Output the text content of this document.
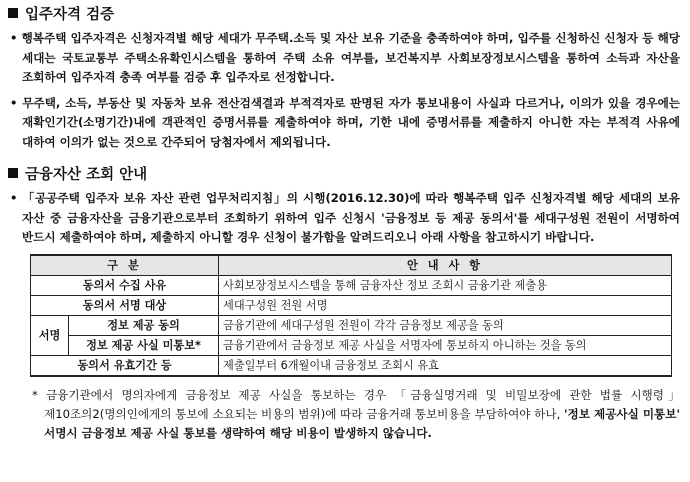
입주자격 검증
• 행복주택 입주자격은 신청자격별 해당 세대가 무주택.소득 및 자산 보유 기준을 충족하여야 하며, 입주를 신청하신 신청자 등 해당 세대는 국토교통부 주택소유확인시스템을 통하여 주택 소유 여부를, 보건복지부 사회보장정보시스템을 통하여 소득과 자산을 조회하여 입주자격 충족 여부를 검증 후 입주자로 선정합니다.
• 무주택, 소득, 부동산 및 자동차 보유 전산검색결과 부적격자로 판명된 자가 통보내용이 사실과 다르거나, 이의가 있을 경우에는 재확인기간(소명기간)내에 객관적인 증명서류를 제출하여야 하며, 기한 내에 증명서류를 제출하지 아니한 자는 부적격 사유에 대하여 이의가 없는 것으로 간주되어 당첨자에서 제외됩니다.
금융자산 조회 안내
• 「공공주택 입주자 보유 자산 관련 업무처리지침」의 시행(2016.12.30)에 따라 행복주택 입주 신청자격별 해당 세대의 보유 자산 중 금융자산을 금융기관으로부터 조회하기 위하여 입주 신청시 '금융정보 등 제공 동의서'를 세대구성원 전원이 서명하여 반드시 제출하여야 하며, 제출하지 아니할 경우 신청이 불가함을 알려드리오니 아래 사항을 참고하시기 바랍니다.
구 분		안 내 사 항
동의서 수집 사유		사회보장정보시스템을 통해 금융자산 정보 조회시 금융기관 제출용
동의서 서명 대상		세대구성원 전원 서명
서명	정보 제공 동의	금융기관에 세대구성원 전원이 각각 금융정보 제공을 동의
	정보 제공 사실 미통보*	금융기관에서 금융정보 제공 사실을 서명자에 통보하지 아니하는 것을 동의
동의서 유효기간 등		제출일부터 6개월이내 금융정보 조회시 유효
* 금융기관에서 명의자에게 금융정보 제공 사실을 통보하는 경우 「금융실명거래 및 비밀보장에 관한 법률 시행령」제10조의2(명의인에게의 통보에 소요되는 비용의 범위)에 따라 금융거래 통보비용을 부담하여야 하나, '정보 제공사실 미통보' 서명시 금융정보 제공 사실 통보를 생략하여 해당 비용이 발생하지 않습니다.
